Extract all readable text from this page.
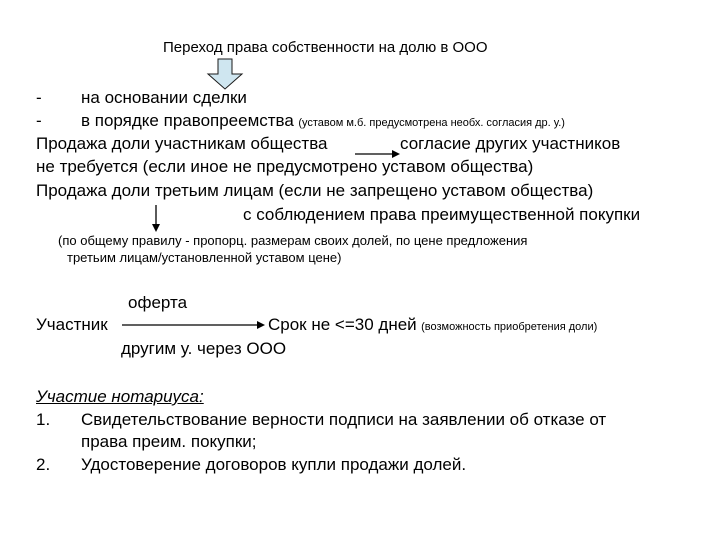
Переход права собственности на долю в ООО
- на основании сделки
- в порядке правопреемства (уставом м.б. предусмотрена необх. согласия др. у.)
Продажа доли участникам общества	согласие других участников
не требуется (если иное не предусмотрено уставом общества)
Продажа доли третьим лицам (если не запрещено уставом общества)
с соблюдением права преимущественной покупки
(по общему правилу - пропорц. размерам своих долей, по цене предложения
третьим лицам/установленной уставом цене)
оферта
Участник	Срок не <=30 дней (возможность приобретения доли)
другим у. через ООО
Участие нотариуса:
1. Свидетельствование верности подписи на заявлении об отказе от
права преим. покупки;
2. Удостоверение договоров купли продажи долей.
